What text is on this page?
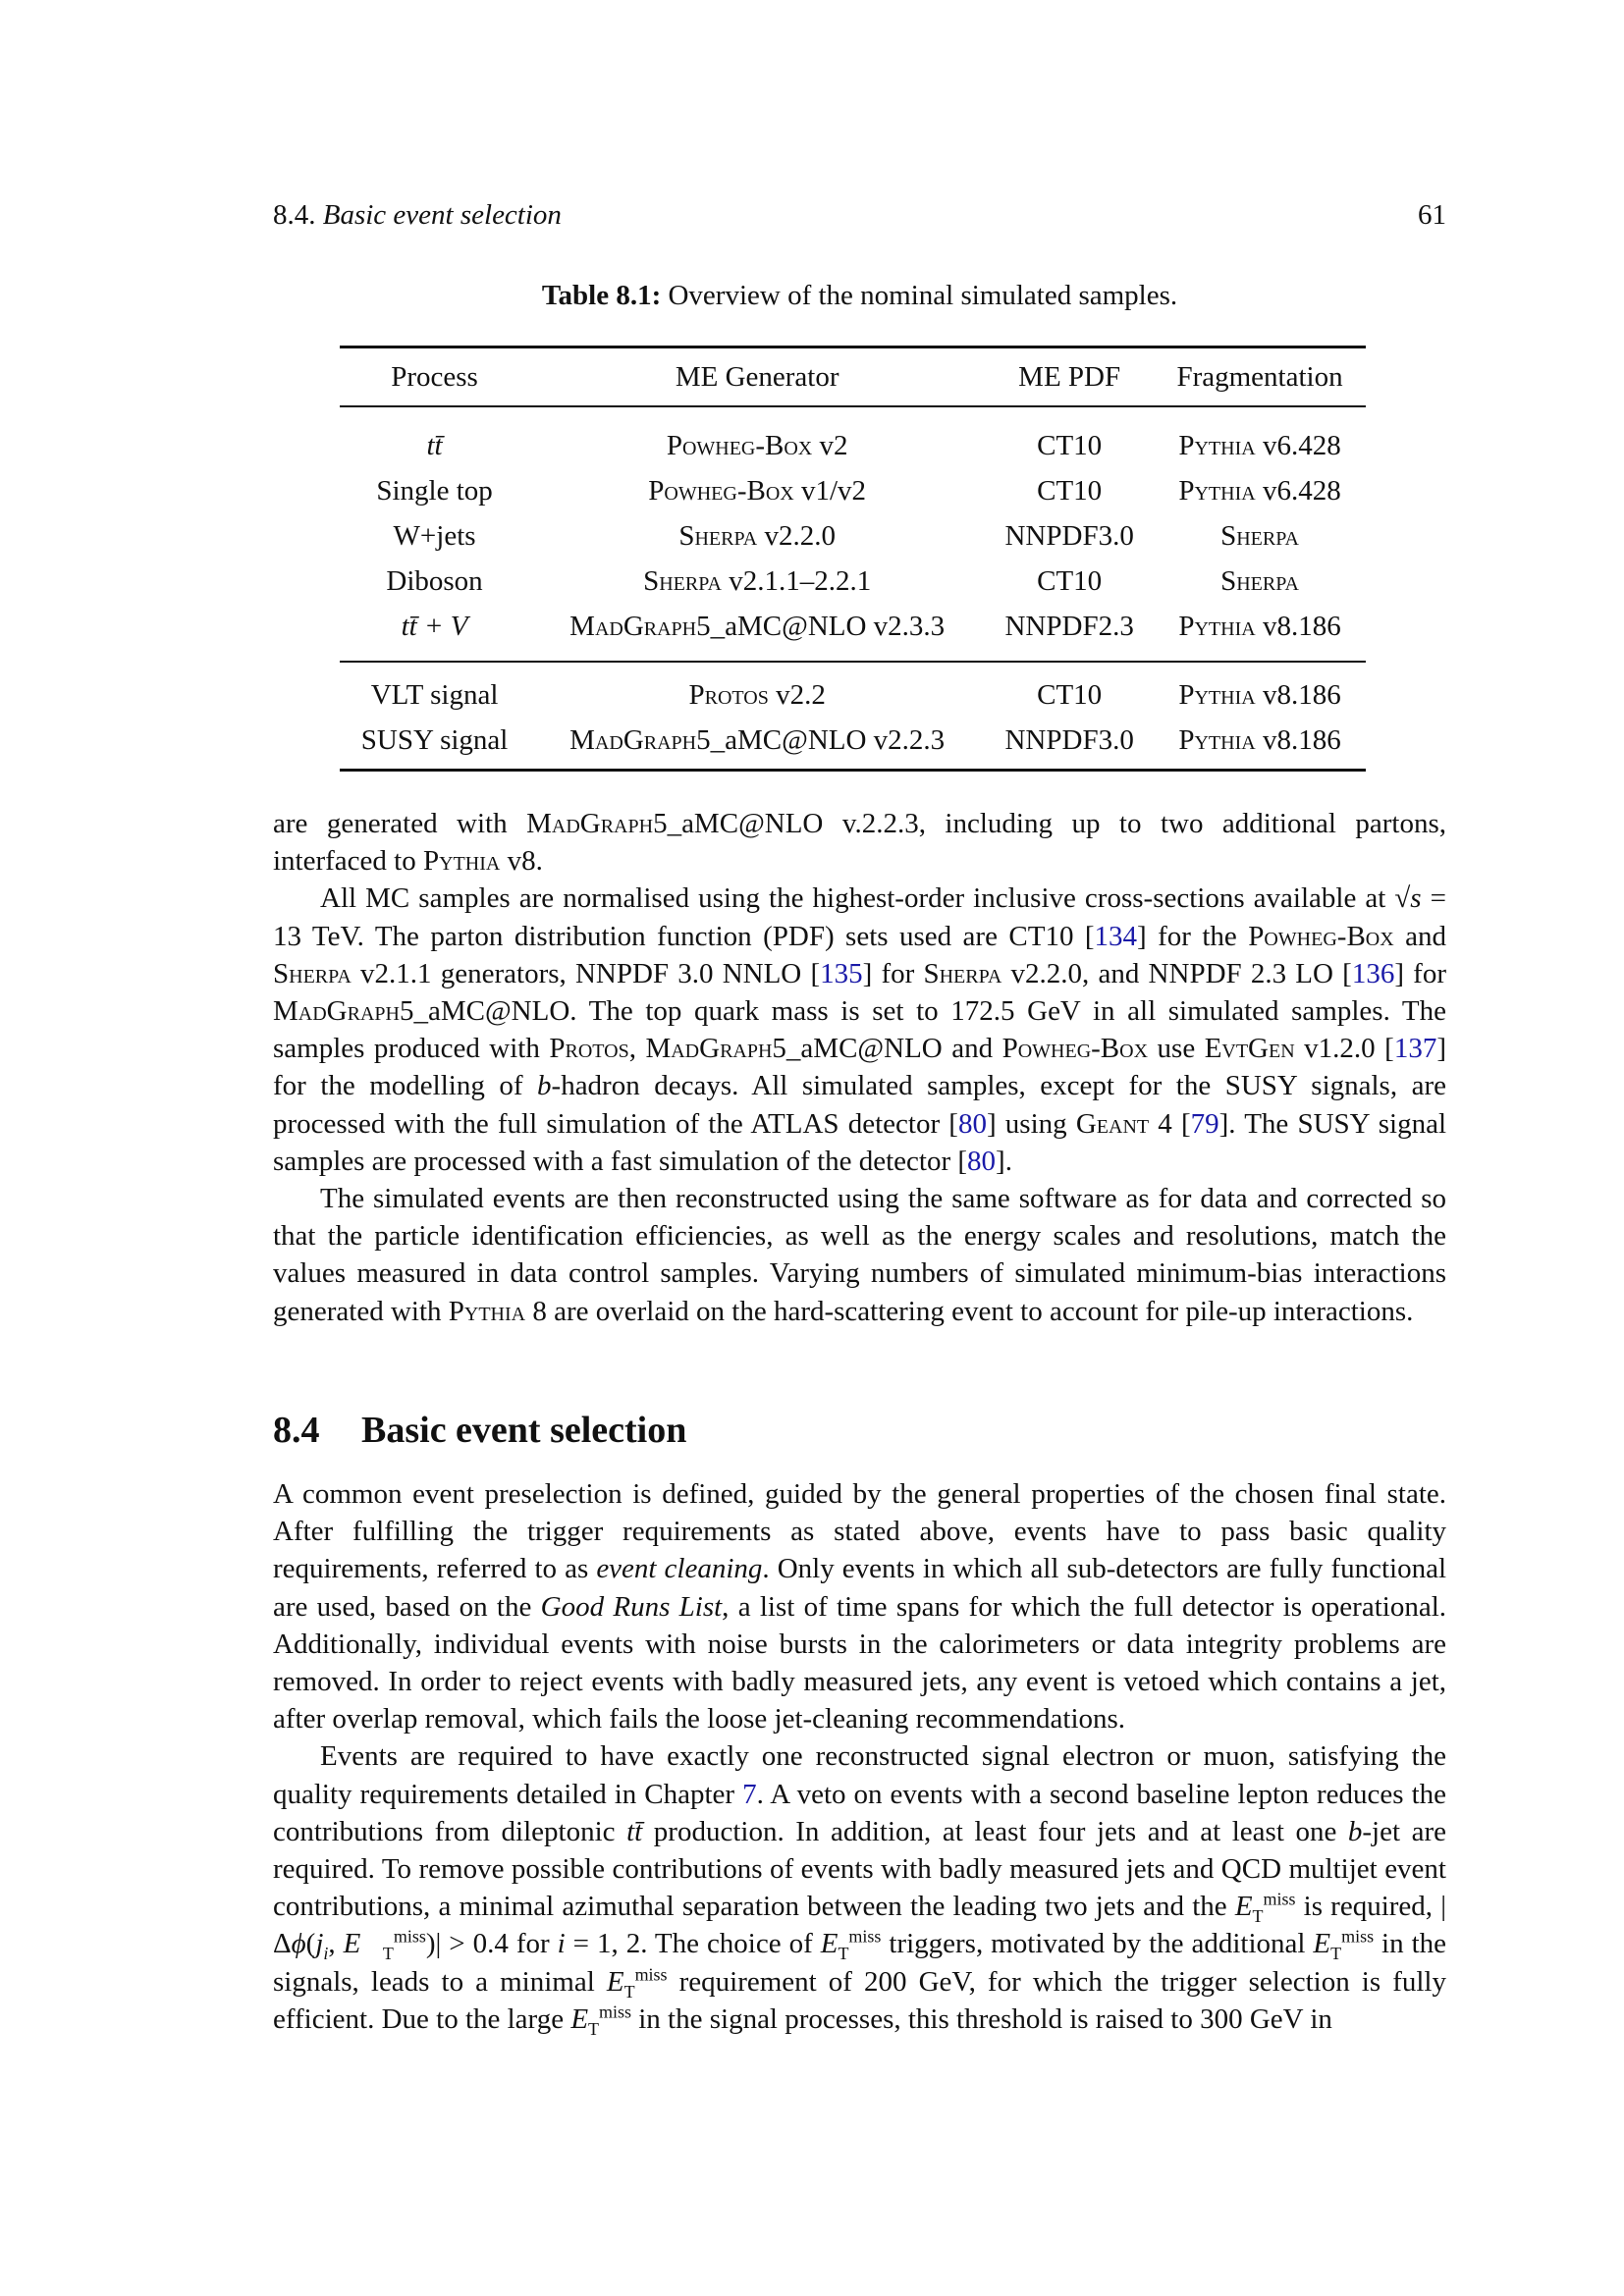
8.4. Basic event selection	61
Table 8.1: Overview of the nominal simulated samples.
Process	ME Generator	ME PDF	Fragmentation
tt̄	Powheg-Box v2	CT10	Pythia v6.428
Single top	Powheg-Box v1/v2	CT10	Pythia v6.428
W+jets	Sherpa v2.2.0	NNPDF3.0	Sherpa
Diboson	Sherpa v2.1.1–2.2.1	CT10	Sherpa
tt̄ + V	MadGraph5_aMC@NLO v2.3.3	NNPDF2.3	Pythia v8.186
VLT signal	Protos v2.2	CT10	Pythia v8.186
SUSY signal	MadGraph5_aMC@NLO v2.2.3	NNPDF3.0	Pythia v8.186

are generated with MadGraph5_aMC@NLO v.2.2.3, including up to two additional partons, interfaced to Pythia v8.

All MC samples are normalised using the highest-order inclusive cross-sections available at √s = 13 TeV. The parton distribution function (PDF) sets used are CT10 [134] for the Powheg-Box and Sherpa v2.1.1 generators, NNPDF 3.0 NNLO [135] for Sherpa v2.2.0, and NNPDF 2.3 LO [136] for MadGraph5_aMC@NLO. The top quark mass is set to 172.5 GeV in all simulated samples. The samples produced with Protos, MadGraph5_aMC@NLO and Powheg-Box use EvtGen v1.2.0 [137] for the modelling of b-hadron decays. All simulated samples, except for the SUSY signals, are processed with the full simulation of the ATLAS detector [80] using Geant 4 [79]. The SUSY signal samples are processed with a fast simulation of the detector [80].

The simulated events are then reconstructed using the same software as for data and corrected so that the particle identification efficiencies, as well as the energy scales and resolutions, match the values measured in data control samples. Varying numbers of simulated minimum-bias interactions generated with Pythia 8 are overlaid on the hard-scattering event to account for pile-up interactions.

8.4 Basic event selection

A common event preselection is defined, guided by the general properties of the chosen final state. After fulfilling the trigger requirements as stated above, events have to pass basic quality requirements, referred to as event cleaning. Only events in which all sub-detectors are fully functional are used, based on the Good Runs List, a list of time spans for which the full detector is operational. Additionally, individual events with noise bursts in the calorimeters or data integrity problems are removed. In order to reject events with badly measured jets, any event is vetoed which contains a jet, after overlap removal, which fails the loose jet-cleaning recommendations.

Events are required to have exactly one reconstructed signal electron or muon, satisfying the quality requirements detailed in Chapter 7. A veto on events with a second baseline lepton reduces the contributions from dileptonic tt̄ production. In addition, at least four jets and at least one b-jet are required. To remove possible contributions of events with badly measured jets and QCD multijet event contributions, a minimal azimuthal separation between the leading two jets and the $E_T^{miss}$ is required, $|\Delta\phi(j_i$, $E⃗_T^{miss})| > 0.4$ for i = 1, 2. The choice of $E_T^{miss}$ triggers, motivated by the additional $E_T^{miss}$ in the signals, leads to a minimal $E_T^{miss}$ requirement of 200 GeV, for which the trigger selection is fully efficient. Due to the large $E_T^{miss}$ in the signal processes, this threshold is raised to 300 GeV in
